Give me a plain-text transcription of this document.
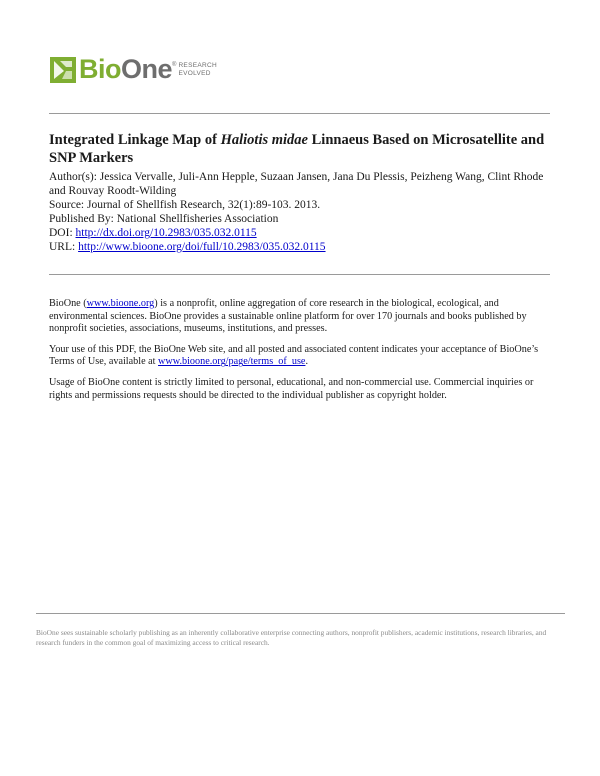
BioOne ® RESEARCH
EVOLVED
Integrated Linkage Map of Haliotis midae Linnaeus Based on Microsatellite and SNP Markers
Author(s): Jessica Vervalle, Juli-Ann Hepple, Suzaan Jansen, Jana Du Plessis, Peizheng Wang, Clint Rhode and Rouvay Roodt-Wilding
Source: Journal of Shellfish Research, 32(1):89-103. 2013.
Published By: National Shellfisheries Association
DOI: http://dx.doi.org/10.2983/035.032.0115
URL: http://www.bioone.org/doi/full/10.2983/035.032.0115

BioOne (www.bioone.org) is a nonprofit, online aggregation of core research in the biological, ecological, and environmental sciences. BioOne provides a sustainable online platform for over 170 journals and books published by nonprofit societies, associations, museums, institutions, and presses.

Your use of this PDF, the BioOne Web site, and all posted and associated content indicates your acceptance of BioOne’s Terms of Use, available at www.bioone.org/page/terms_of_use.

Usage of BioOne content is strictly limited to personal, educational, and non-commercial use. Commercial inquiries or rights and permissions requests should be directed to the individual publisher as copyright holder.

BioOne sees sustainable scholarly publishing as an inherently collaborative enterprise connecting authors, nonprofit publishers, academic institutions, research libraries, and research funders in the common goal of maximizing access to critical research.
